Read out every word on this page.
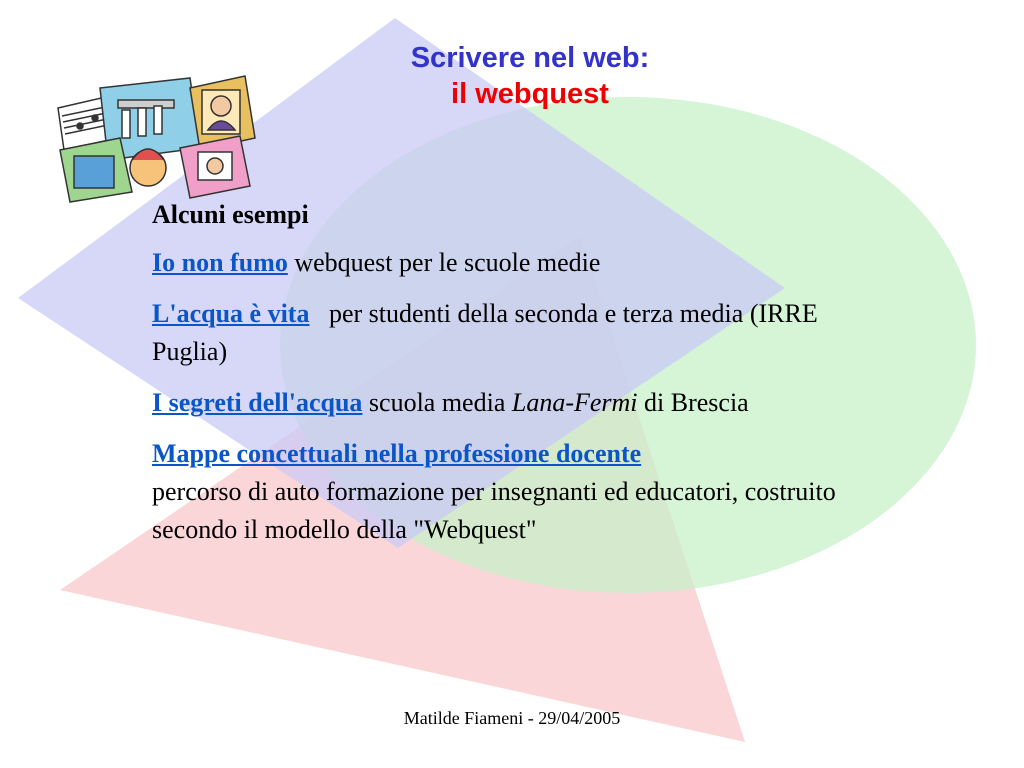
Scrivere nel web:
il webquest

Alcuni esempi

Io non fumo webquest per le scuole medie

L'acqua è vita   per studenti della seconda e terza media (IRRE Puglia)

I segreti dell'acqua scuola media Lana-Fermi di Brescia

Mappe concettuali nella professione docente
percorso di auto formazione per insegnanti ed educatori, costruito secondo il modello della "Webquest"

Matilde Fiameni - 29/04/2005
